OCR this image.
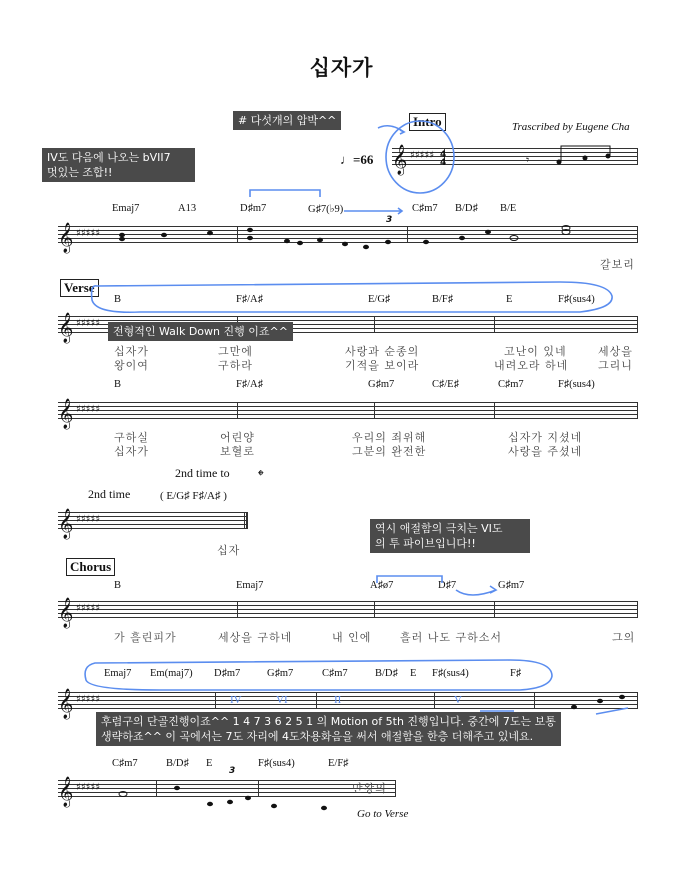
십자가
Trascribed by Eugene Cha
Intro
♩=66
# 다섯개의 압박^^
IV도 다음에 나오는 bVII7
멋있는 조합!!
Emaj7	A13	D♯m7	G♯7(♭9)	C♯m7 B/D♯ B/E
갈보리
Verse
B	F♯/A♯	E/G♯	B/F♯	E	F♯(sus4)
전형적인 Walk Down 진행 이죠^^
십자가	그만에	사랑과 순종의	고난이 있네	세상을
왕이여	구하라	기적을 보이라	내려오라 하네	그리니
B	F♯/A♯	G♯m7	C♯/E♯	C♯m7	F♯(sus4)
구하실	어린양	우리의 죄위해	십자가 지셨네
십자가	보혈로	그분의 완전한	사랑을 주셨네
2nd time to
2nd time	( E/G♯ F♯/A♯ )
십자
역시 애절함의 극치는 VI도
의 투 파이브입니다!!
Chorus
B	Emaj7	A♯ø7	D♯7	G♯m7
가 흘린피가	세상을 구하네	내 인에	흘러 나도 구하소서	그의
Emaj7 Em(maj7) D♯m7	G♯m7	C♯m7	B/D♯ E F♯(sus4)	F♯
IV	VI	II	V
후렴구의 단골진행이죠^^ 1 4 7 3 6 2 5 1 의 Motion of 5th 진행입니다. 중간에 7도는 보통
생략하죠^^ 이 곡에서는 7도 자리에 4도차용화음을 써서 애절함을 한층 더해주고 있네요.
C♯m7	B/D♯ E	F♯(sus4)	E/F♯
만왕의
Go to Verse
𝄞
𝄞
𝄞
𝄞
𝄞
𝄞
𝄞
𝄞
♯♯♯♯♯
♯♯♯♯♯
♯♯♯♯♯
♯♯♯♯♯
♯♯♯♯♯
♯♯♯♯♯
♯♯♯♯♯
♯♯♯♯♯
4
4	𝄾
𝄌
3
3
